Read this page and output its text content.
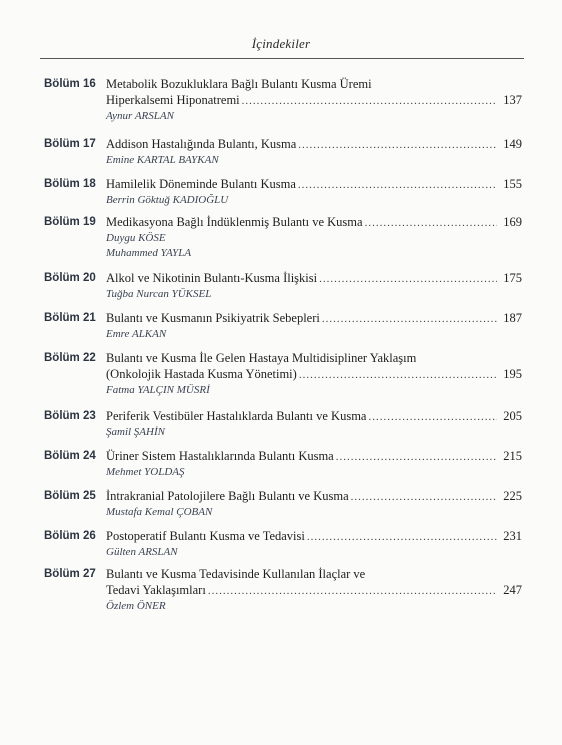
İçindekiler
Bölüm 16 Metabolik Bozukluklara Bağlı Bulantı Kusma Üremi
Hiperkalsemi Hiponatremi .....	137
Aynur ARSLAN
Bölüm 17 Addison Hastalığında Bulantı, Kusma .....	149
Emine KARTAL BAYKAN
Bölüm 18 Hamilelik Döneminde Bulantı Kusma .....	155
Berrin Göktuğ KADIOĞLU
Bölüm 19 Medikasyona Bağlı İndüklenmiş Bulantı ve Kusma .....	169
Duygu KÖSE
Muhammed YAYLA
Bölüm 20 Alkol ve Nikotinin Bulantı-Kusma İlişkisi .....	175
Tuğba Nurcan YÜKSEL
Bölüm 21 Bulantı ve Kusmanın Psikiyatrik Sebepleri .....	187
Emre ALKAN
Bölüm 22 Bulantı ve Kusma İle Gelen Hastaya Multidisipliner Yaklaşım
(Onkolojik Hastada Kusma Yönetimi) .....	195
Fatma YALÇIN MÜSRİ
Bölüm 23 Periferik Vestibüler Hastalıklarda Bulantı ve Kusma .....	205
Şamil ŞAHİN
Bölüm 24 Üriner Sistem Hastalıklarında Bulantı Kusma .....	215
Mehmet YOLDAŞ
Bölüm 25 İntrakranial Patolojilere Bağlı Bulantı ve Kusma .....	225
Mustafa Kemal ÇOBAN
Bölüm 26 Postoperatif Bulantı Kusma ve Tedavisi .....	231
Gülten ARSLAN
Bölüm 27 Bulantı ve Kusma Tedavisinde Kullanılan İlaçlar ve
Tedavi Yaklaşımları .....	247
Özlem ÖNER
